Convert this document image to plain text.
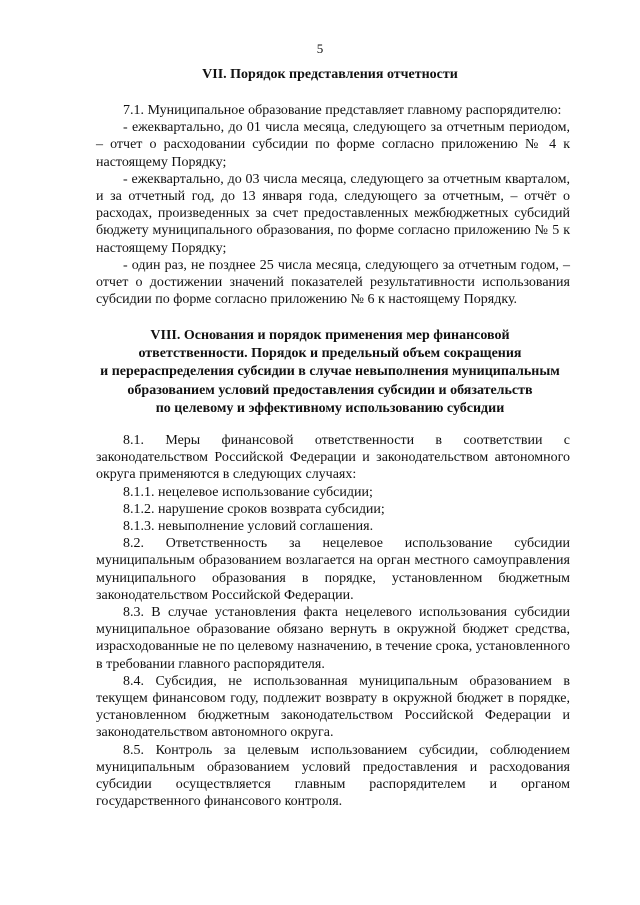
5
VII. Порядок представления отчетности

7.1. Муниципальное образование представляет главному распорядителю:

- ежеквартально, до 01 числа месяца, следующего за отчетным периодом, – отчет о расходовании субсидии по форме согласно приложению № 4 к настоящему Порядку;

- ежеквартально, до 03 числа месяца, следующего за отчетным кварталом, и за отчетный год, до 13 января года, следующего за отчетным, – отчёт о расходах, произведенных за счет предоставленных межбюджетных субсидий бюджету муниципального образования, по форме согласно приложению № 5 к настоящему Порядку;

- один раз, не позднее 25 числа месяца, следующего за отчетным годом, – отчет о достижении значений показателей результативности использования субсидии по форме согласно приложению № 6 к настоящему Порядку.

VIII. Основания и порядок применения мер финансовой
ответственности. Порядок и предельный объем сокращения
и перераспределения субсидии в случае невыполнения муниципальным
образованием условий предоставления субсидии и обязательств
по целевому и эффективному использованию субсидии

8.1. Меры финансовой ответственности в соответствии с законодательством Российской Федерации и законодательством автономного округа применяются в следующих случаях:

8.1.1. нецелевое использование субсидии;

8.1.2. нарушение сроков возврата субсидии;

8.1.3. невыполнение условий соглашения.

8.2. Ответственность за нецелевое использование субсидии муниципальным образованием возлагается на орган местного самоуправления муниципального образования в порядке, установленном бюджетным законодательством Российской Федерации.

8.3. В случае установления факта нецелевого использования субсидии муниципальное образование обязано вернуть в окружной бюджет средства, израсходованные не по целевому назначению, в течение срока, установленного в требовании главного распорядителя.

8.4. Субсидия, не использованная муниципальным образованием в текущем финансовом году, подлежит возврату в окружной бюджет в порядке, установленном бюджетным законодательством Российской Федерации и законодательством автономного округа.

8.5. Контроль за целевым использованием субсидии, соблюдением муниципальным образованием условий предоставления и расходования субсидии осуществляется главным распорядителем и органом государственного финансового контроля.
